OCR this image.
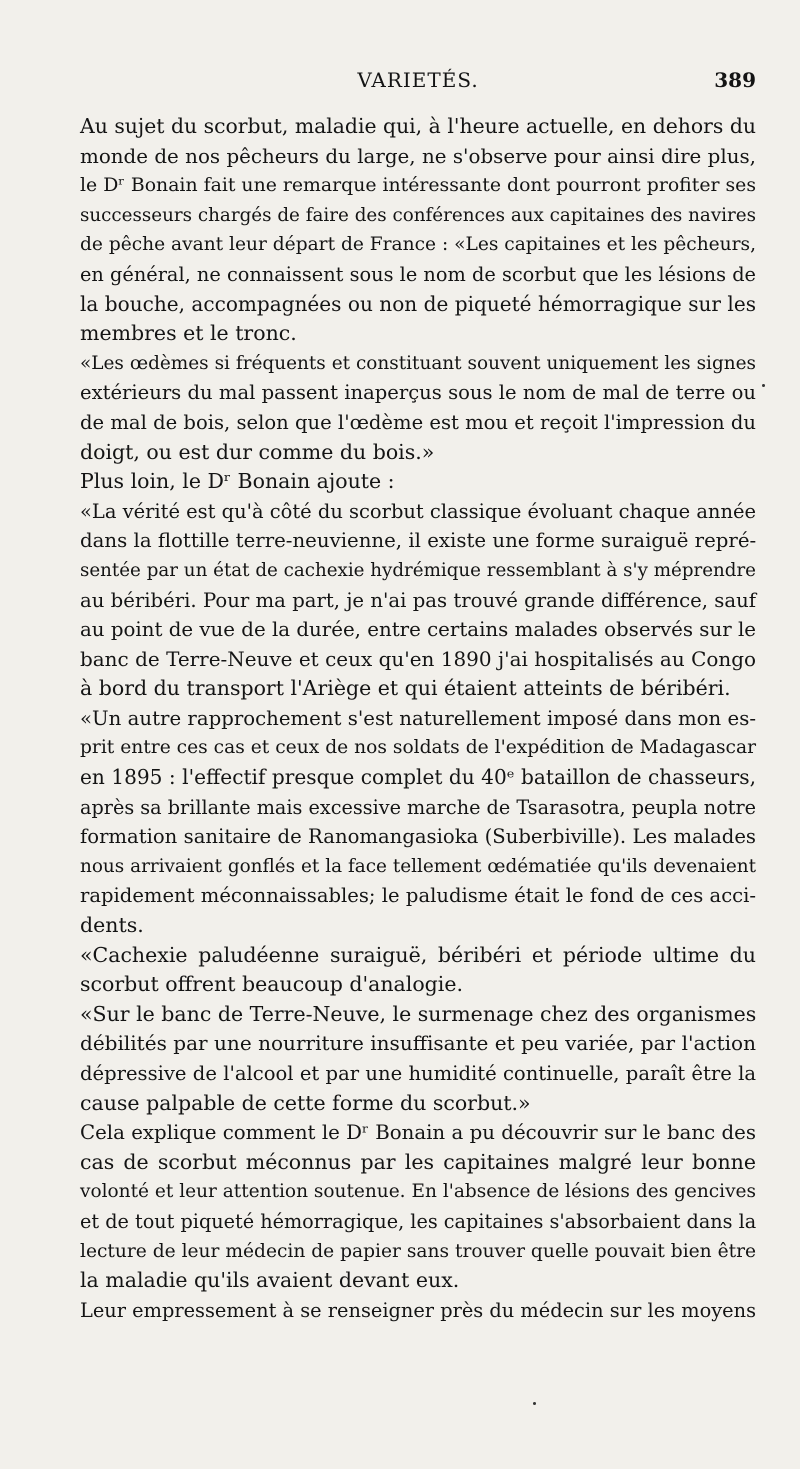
VARIETÉS.	389
Au sujet du scorbut, maladie qui, à l'heure actuelle, en dehors du
monde de nos pêcheurs du large, ne s'observe pour ainsi dire plus,
le Dʳ Bonain fait une remarque intéressante dont pourront profiter ses
successeurs chargés de faire des conférences aux capitaines des navires
de pêche avant leur départ de France : «Les capitaines et les pêcheurs,
en général, ne connaissent sous le nom de scorbut que les lésions de
la bouche, accompagnées ou non de piqueté hémorragique sur les
membres et le tronc.
«Les œdèmes si fréquents et constituant souvent uniquement les signes
extérieurs du mal passent inaperçus sous le nom de mal de terre ou
de mal de bois, selon que l'œdème est mou et reçoit l'impression du
doigt, ou est dur comme du bois.»
Plus loin, le Dʳ Bonain ajoute :
«La vérité est qu'à côté du scorbut classique évoluant chaque année
dans la flottille terre-neuvienne, il existe une forme suraiguë repré-
sentée par un état de cachexie hydrémique ressemblant à s'y méprendre
au béribéri. Pour ma part, je n'ai pas trouvé grande différence, sauf
au point de vue de la durée, entre certains malades observés sur le
banc de Terre-Neuve et ceux qu'en 1890 j'ai hospitalisés au Congo
à bord du transport l'Ariège et qui étaient atteints de béribéri.
«Un autre rapprochement s'est naturellement imposé dans mon es-
prit entre ces cas et ceux de nos soldats de l'expédition de Madagascar
en 1895 : l'effectif presque complet du 40ᵉ bataillon de chasseurs,
après sa brillante mais excessive marche de Tsarasotra, peupla notre
formation sanitaire de Ranomangasioka (Suberbiville). Les malades
nous arrivaient gonflés et la face tellement œdématiée qu'ils devenaient
rapidement méconnaissables; le paludisme était le fond de ces acci-
dents.
«Cachexie paludéenne suraiguë, béribéri et période ultime du
scorbut offrent beaucoup d'analogie.
«Sur le banc de Terre-Neuve, le surmenage chez des organismes
débilités par une nourriture insuffisante et peu variée, par l'action
dépressive de l'alcool et par une humidité continuelle, paraît être la
cause palpable de cette forme du scorbut.»
Cela explique comment le Dʳ Bonain a pu découvrir sur le banc des
cas de scorbut méconnus par les capitaines malgré leur bonne
volonté et leur attention soutenue. En l'absence de lésions des gencives
et de tout piqueté hémorragique, les capitaines s'absorbaient dans la
lecture de leur médecin de papier sans trouver quelle pouvait bien être
la maladie qu'ils avaient devant eux.
Leur empressement à se renseigner près du médecin sur les moyens
